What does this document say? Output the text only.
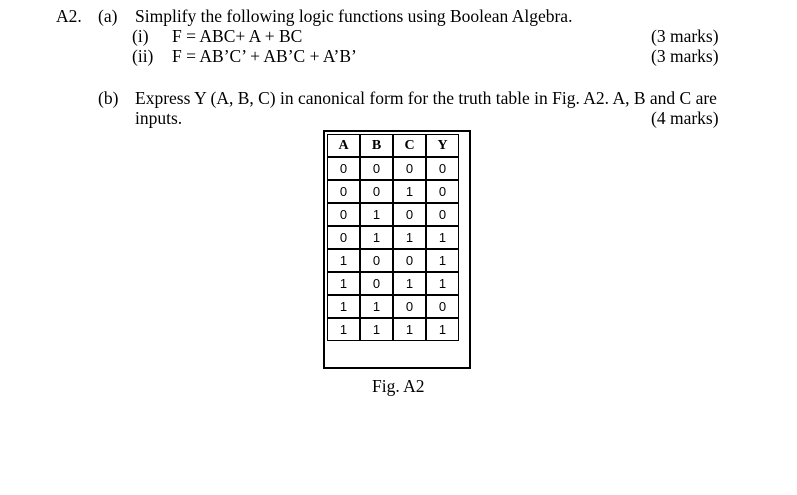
A2. (a) Simplify the following logic functions using Boolean Algebra.
(i) F = ABC+ A + BC	(3 marks)
(ii) F = AB’C’ + AB’C + A’B’	(3 marks)
(b) Express Y (A, B, C) in canonical form for the truth table in Fig. A2. A, B and C are
inputs.	(4 marks)
A	B	C	Y
0	0	0	0
0	0	1	0
0	1	0	0
0	1	1	1
1	0	0	1
1	0	1	1
1	1	0	0
1	1	1	1
Fig. A2
